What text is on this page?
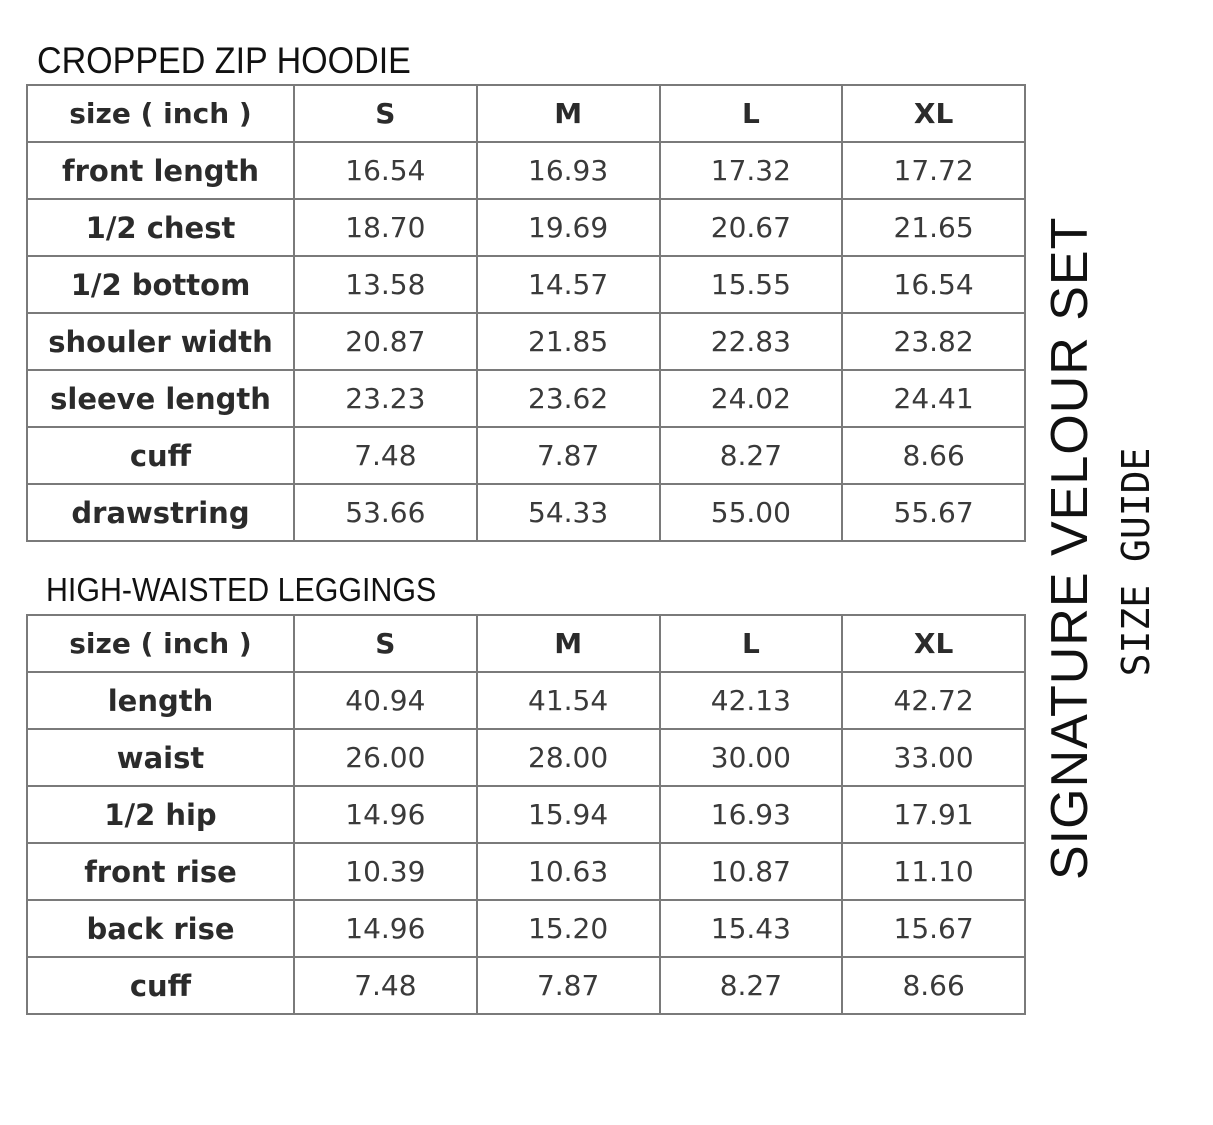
CROPPED ZIP HOODIE
size ( inch )	S	M	L	XL
front length	16.54	16.93	17.32	17.72
1/2 chest	18.70	19.69	20.67	21.65
1/2 bottom	13.58	14.57	15.55	16.54
shouler width	20.87	21.85	22.83	23.82
sleeve length	23.23	23.62	24.02	24.41
cuff	7.48	7.87	8.27	8.66
drawstring	53.66	54.33	55.00	55.67
HIGH-WAISTED LEGGINGS
size ( inch )	S	M	L	XL
length	40.94	41.54	42.13	42.72
waist	26.00	28.00	30.00	33.00
1/2 hip	14.96	15.94	16.93	17.91
front rise	10.39	10.63	10.87	11.10
back rise	14.96	15.20	15.43	15.67
cuff	7.48	7.87	8.27	8.66
SIGNATURE VELOUR SET SIZE GUIDE
